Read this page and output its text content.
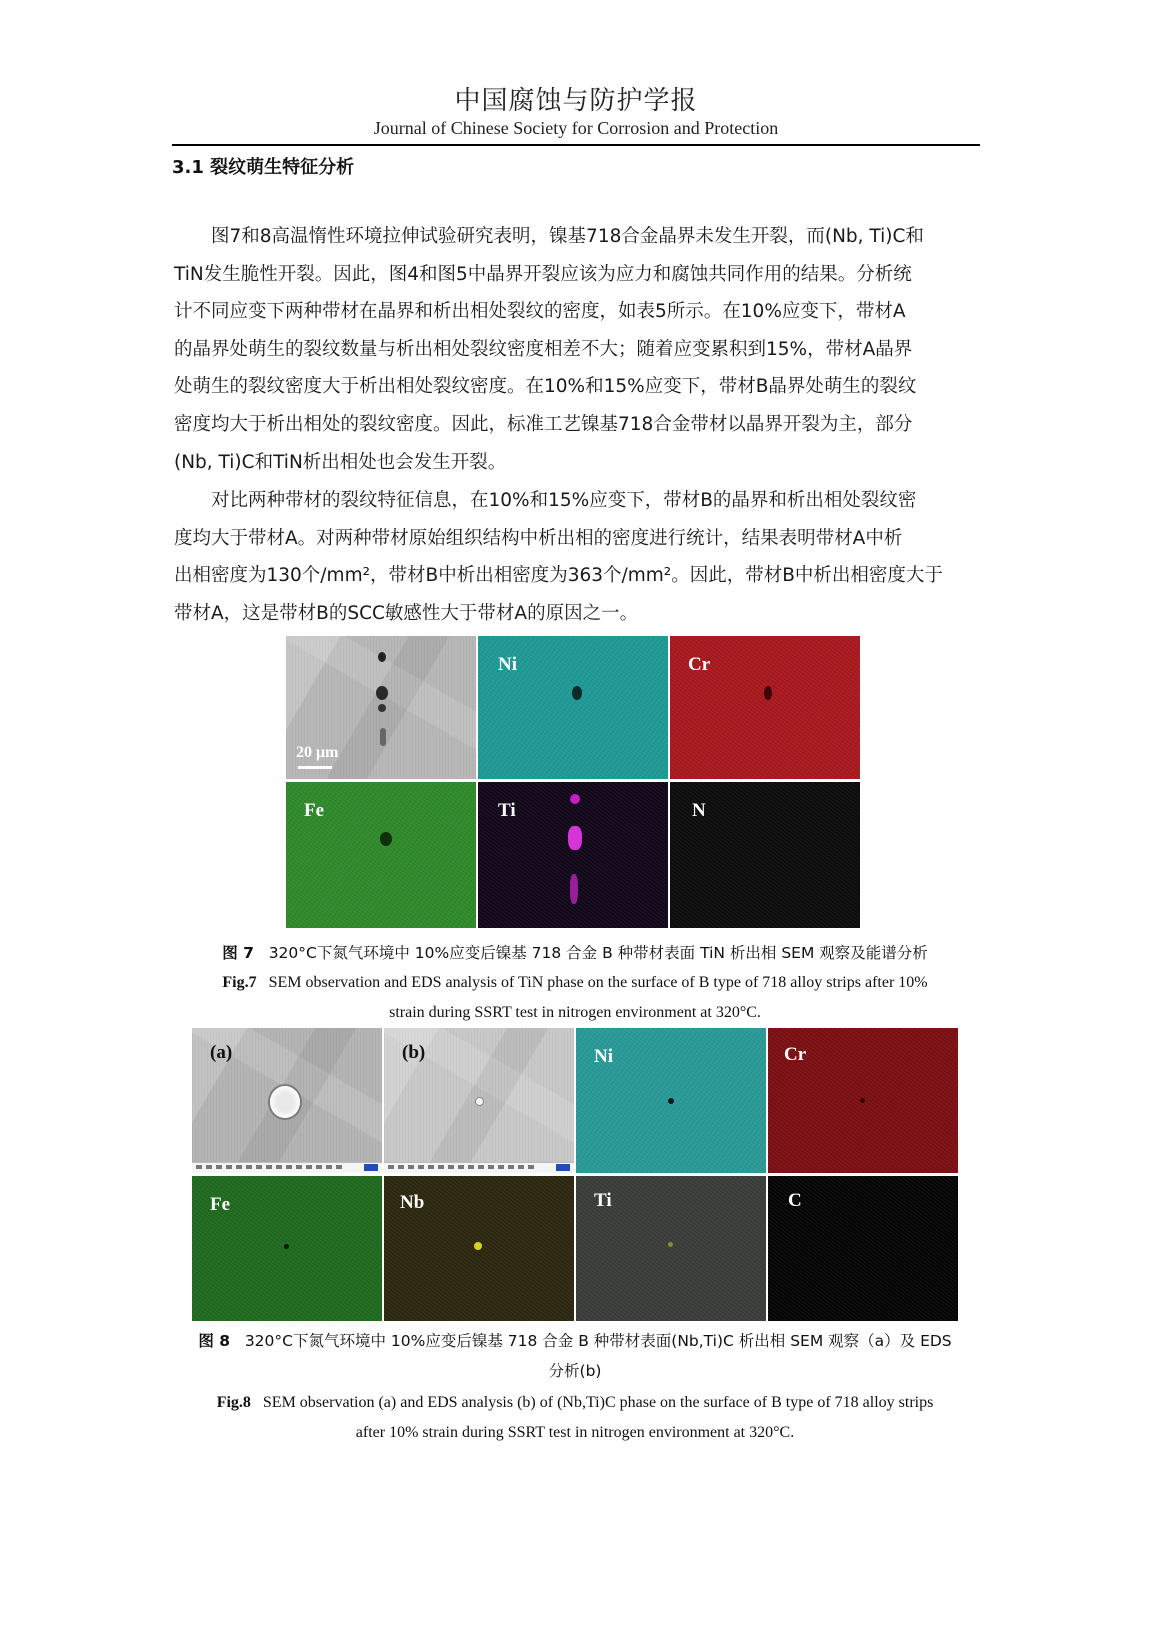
中国腐蚀与防护学报
Journal of Chinese Society for Corrosion and Protection
3.1 裂纹萌生特征分析
图7和8高温惰性环境拉伸试验研究表明，镍基718合金晶界未发生开裂，而(Nb, Ti)C和
TiN发生脆性开裂。因此，图4和图5中晶界开裂应该为应力和腐蚀共同作用的结果。分析统
计不同应变下两种带材在晶界和析出相处裂纹的密度，如表5所示。在10%应变下，带材A
的晶界处萌生的裂纹数量与析出相处裂纹密度相差不大；随着应变累积到15%，带材A晶界
处萌生的裂纹密度大于析出相处裂纹密度。在10%和15%应变下，带材B晶界处萌生的裂纹
密度均大于析出相处的裂纹密度。因此，标准工艺镍基718合金带材以晶界开裂为主，部分
(Nb, Ti)C和TiN析出相处也会发生开裂。
对比两种带材的裂纹特征信息，在10%和15%应变下，带材B的晶界和析出相处裂纹密
度均大于带材A。对两种带材原始组织结构中析出相的密度进行统计，结果表明带材A中析
出相密度为130个/mm²，带材B中析出相密度为363个/mm²。因此，带材B中析出相密度大于
带材A，这是带材B的SCC敏感性大于带材A的原因之一。
20 μm
Ni	Cr
Fe	Ti	N
图 7 320°C下氮气环境中 10%应变后镍基 718 合金 B 种带材表面 TiN 析出相 SEM 观察及能谱分析
Fig.7 SEM observation and EDS analysis of TiN phase on the surface of B type of 718 alloy strips after 10%
strain during SSRT test in nitrogen environment at 320°C.
(a)	(b)	Ni	Cr
Fe	Nb	Ti	C
图 8 320°C下氮气环境中 10%应变后镍基 718 合金 B 种带材表面(Nb,Ti)C 析出相 SEM 观察（a）及 EDS
分析(b)
Fig.8 SEM observation (a) and EDS analysis (b) of (Nb,Ti)C phase on the surface of B type of 718 alloy strips
after 10% strain during SSRT test in nitrogen environment at 320°C.
